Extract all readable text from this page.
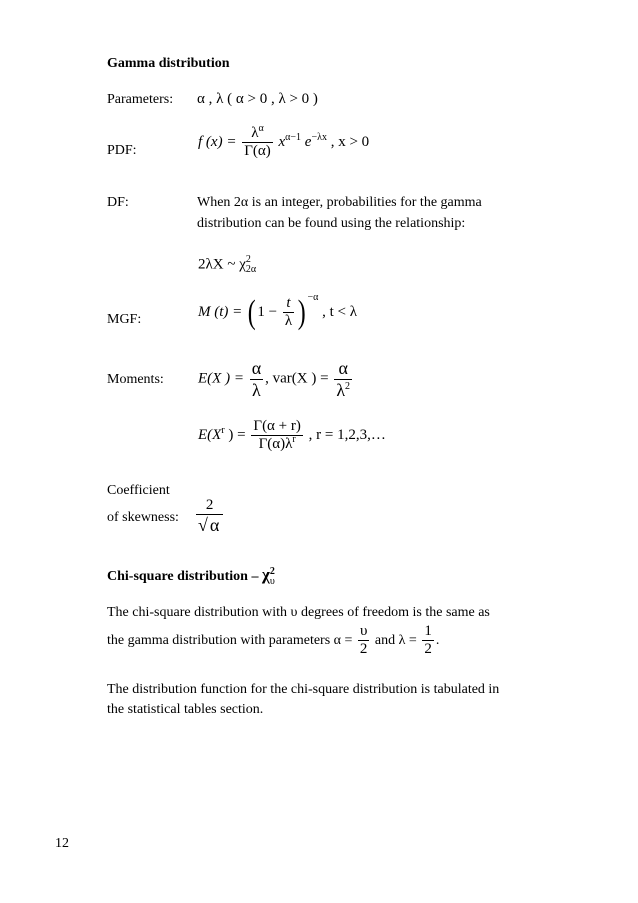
Gamma distribution
Parameters: α , λ ( α > 0 , λ > 0 )
PDF:
f $(x) = \frac{\lambda^\alpha}{\Gamma(\alpha)} x^{\alpha-1}$ $e^{-\lambda x}$ , x > 0
DF:	When 2α is an integer, probabilities for the gamma
distribution can be found using the relationship:
2λX ~ χ 2
2α
MGF:	M (t) = ( $1 - \frac{t}{\lambda}$ ) $^{-\alpha}$ , t < λ
Moments: E(X ) = $\frac{\alpha}{\lambda}$ , var(X ) = $\frac{\alpha}{\lambda^2}$
$E(X^r$ ) = $\frac{\Gamma(\alpha + r)}{\Gamma(\alpha)\lambda^r}$ , r = 1,2,3,…
Coefficient
of skewness: $\frac{2}{√ \alpha}$
Chi-square distribution – χ 2
υ
The chi-square distribution with υ degrees of freedom is the same as
the gamma distribution with parameters $\alpha = \frac{\upsilon}{2}$ and $\lambda = \frac{1}{2}$ .
The distribution function for the chi-square distribution is tabulated in
the statistical tables section.
12
